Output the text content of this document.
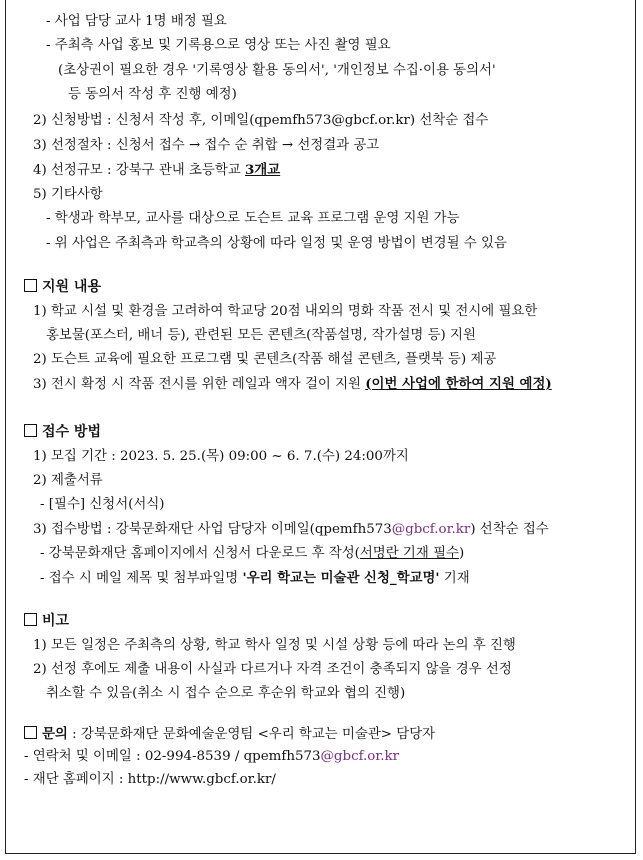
- 사업 담당 교사 1명 배정 필요
- 주최측 사업 홍보 및 기록용으로 영상 또는 사진 촬영 필요
(초상권이 필요한 경우 '기록영상 활용 동의서', '개인정보 수집·이용 동의서'
등 동의서 작성 후 진행 예정)
2) 신청방법 : 신청서 작성 후, 이메일(qpemfh573@gbcf.or.kr) 선착순 접수
3) 선정절차 : 신청서 접수 → 접수 순 취합 → 선정결과 공고
4) 선정규모 : 강북구 관내 초등학교 3개교
5) 기타사항
- 학생과 학부모, 교사를 대상으로 도슨트 교육 프로그램 운영 지원 가능
- 위 사업은 주최측과 학교측의 상황에 따라 일정 및 운영 방법이 변경될 수 있음
지원 내용
1) 학교 시설 및 환경을 고려하여 학교당 20점 내외의 명화 작품 전시 및 전시에 필요한
홍보물(포스터, 배너 등), 관련된 모든 콘텐츠(작품설명, 작가설명 등) 지원
2) 도슨트 교육에 필요한 프로그램 및 콘텐츠(작품 해설 콘텐츠, 플랫북 등) 제공
3) 전시 확정 시 작품 전시를 위한 레일과 액자 걸이 지원 (이번 사업에 한하여 지원 예정)
접수 방법
1) 모집 기간 : 2023. 5. 25.(목) 09:00 ~ 6. 7.(수) 24:00까지
2) 제출서류
- [필수] 신청서(서식)
3) 접수방법 : 강북문화재단 사업 담당자 이메일(qpemfh573@gbcf.or.kr) 선착순 접수
- 강북문화재단 홈페이지에서 신청서 다운로드 후 작성(서명란 기재 필수)
- 접수 시 메일 제목 및 첨부파일명 '우리 학교는 미술관 신청_학교명' 기재
비고
1) 모든 일정은 주최측의 상황, 학교 학사 일정 및 시설 상황 등에 따라 논의 후 진행
2) 선정 후에도 제출 내용이 사실과 다르거나 자격 조건이 충족되지 않을 경우 선정
취소할 수 있음(취소 시 접수 순으로 후순위 학교와 협의 진행)
문의 : 강북문화재단 문화예술운영팀 <우리 학교는 미술관> 담당자
- 연락처 및 이메일 : 02-994-8539 / qpemfh573@gbcf.or.kr
- 재단 홈페이지 : http://www.gbcf.or.kr/
